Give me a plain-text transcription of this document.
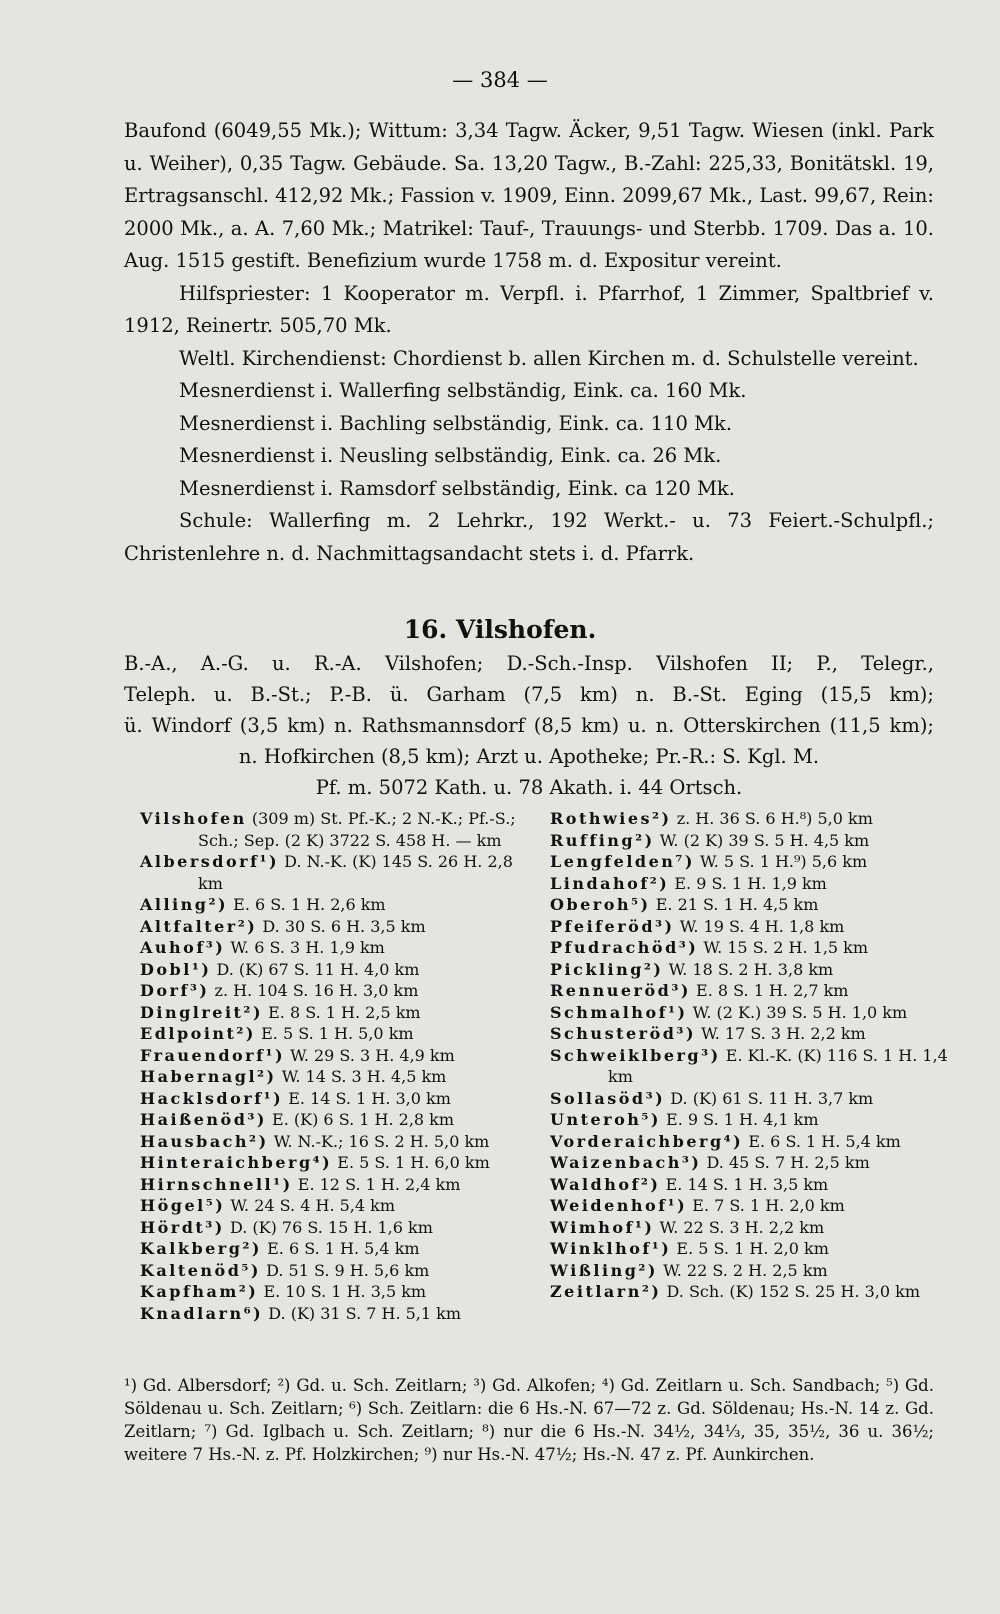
— 384 —

Baufond (6049,55 Mk.); Wittum: 3,34 Tagw. Äcker, 9,51 Tagw. Wiesen (inkl. Park u. Weiher), 0,35 Tagw. Gebäude. Sa. 13,20 Tagw., B.-Zahl: 225,33, Bonitätskl. 19, Ertragsanschl. 412,92 Mk.; Fassion v. 1909, Einn. 2099,67 Mk., Last. 99,67, Rein: 2000 Mk., a. A. 7,60 Mk.; Matrikel: Tauf-, Trauungs- und Sterbb. 1709. Das a. 10. Aug. 1515 gestift. Benefizium wurde 1758 m. d. Expositur vereint.

Hilfspriester: 1 Kooperator m. Verpfl. i. Pfarrhof, 1 Zimmer, Spaltbrief v. 1912, Reinertr. 505,70 Mk.

Weltl. Kirchendienst: Chordienst b. allen Kirchen m. d. Schulstelle vereint.

Mesnerdienst i. Wallerfing selbständig, Eink. ca. 160 Mk.

Mesnerdienst i. Bachling selbständig, Eink. ca. 110 Mk.

Mesnerdienst i. Neusling selbständig, Eink. ca. 26 Mk.

Mesnerdienst i. Ramsdorf selbständig, Eink. ca 120 Mk.

Schule: Wallerfing m. 2 Lehrkr., 192 Werkt.- u. 73 Feiert.-Schulpfl.; Christenlehre n. d. Nachmittagsandacht stets i. d. Pfarrk.

16. Vilshofen.
B.-A., A.-G. u. R.-A. Vilshofen; D.-Sch.-Insp. Vilshofen II; P., Telegr.,
Teleph. u. B.-St.; P.-B. ü. Garham (7,5 km) n. B.-St. Eging (15,5 km);
ü. Windorf (3,5 km) n. Rathsmannsdorf (8,5 km) u. n. Otterskirchen (11,5 km);
n. Hofkirchen (8,5 km); Arzt u. Apotheke; Pr.-R.: S. Kgl. M.
Pf. m. 5072 Kath. u. 78 Akath. i. 44 Ortsch.
Vilshofen (309 m) St. Pf.-K.; 2 N.-K.; Pf.-S.; Sch.; Sep. (2 K) 3722 S. 458 H. — km
Albersdorf¹) D. N.-K. (K) 145 S. 26 H. 2,8 km
Alling²) E. 6 S. 1 H. 2,6 km
Altfalter²) D. 30 S. 6 H. 3,5 km
Auhof³) W. 6 S. 3 H. 1,9 km
Dobl¹) D. (K) 67 S. 11 H. 4,0 km
Dorf³) z. H. 104 S. 16 H. 3,0 km
Dinglreit²) E. 8 S. 1 H. 2,5 km
Edlpoint²) E. 5 S. 1 H. 5,0 km
Frauendorf¹) W. 29 S. 3 H. 4,9 km
Habernagl²) W. 14 S. 3 H. 4,5 km
Hacklsdorf¹) E. 14 S. 1 H. 3,0 km
Haißenöd³) E. (K) 6 S. 1 H. 2,8 km
Hausbach²) W. N.-K.; 16 S. 2 H. 5,0 km
Hinteraichberg⁴) E. 5 S. 1 H. 6,0 km
Hirnschnell¹) E. 12 S. 1 H. 2,4 km
Högel⁵) W. 24 S. 4 H. 5,4 km
Hördt³) D. (K) 76 S. 15 H. 1,6 km
Kalkberg²) E. 6 S. 1 H. 5,4 km
Kaltenöd⁵) D. 51 S. 9 H. 5,6 km
Kapfham²) E. 10 S. 1 H. 3,5 km
Knadlarn⁶) D. (K) 31 S. 7 H. 5,1 km
Rothwies²) z. H. 36 S. 6 H.⁸) 5,0 km
Ruffing²) W. (2 K) 39 S. 5 H. 4,5 km
Lengfelden⁷) W. 5 S. 1 H.⁹) 5,6 km
Lindahof²) E. 9 S. 1 H. 1,9 km
Oberoh⁵) E. 21 S. 1 H. 4,5 km
Pfeiferöd³) W. 19 S. 4 H. 1,8 km
Pfudrachöd³) W. 15 S. 2 H. 1,5 km
Pickling²) W. 18 S. 2 H. 3,8 km
Rennueröd³) E. 8 S. 1 H. 2,7 km
Schmalhof¹) W. (2 K.) 39 S. 5 H. 1,0 km
Schusteröd³) W. 17 S. 3 H. 2,2 km
Schweiklberg³) E. Kl.-K. (K) 116 S. 1 H. 1,4 km
Sollasöd³) D. (K) 61 S. 11 H. 3,7 km
Unteroh⁵) E. 9 S. 1 H. 4,1 km
Vorderaichberg⁴) E. 6 S. 1 H. 5,4 km
Waizenbach³) D. 45 S. 7 H. 2,5 km
Waldhof²) E. 14 S. 1 H. 3,5 km
Weidenhof¹) E. 7 S. 1 H. 2,0 km
Wimhof¹) W. 22 S. 3 H. 2,2 km
Winklhof¹) E. 5 S. 1 H. 2,0 km
Wißling²) W. 22 S. 2 H. 2,5 km
Zeitlarn²) D. Sch. (K) 152 S. 25 H. 3,0 km
¹) Gd. Albersdorf; ²) Gd. u. Sch. Zeitlarn; ³) Gd. Alkofen; ⁴) Gd. Zeitlarn u. Sch. Sandbach; ⁵) Gd. Söldenau u. Sch. Zeitlarn; ⁶) Sch. Zeitlarn: die 6 Hs.-N. 67—72 z. Gd. Söldenau; Hs.-N. 14 z. Gd. Zeitlarn; ⁷) Gd. Iglbach u. Sch. Zeitlarn; ⁸) nur die 6 Hs.-N. 34½, 34⅓, 35, 35½, 36 u. 36½; weitere 7 Hs.-N. z. Pf. Holzkirchen; ⁹) nur Hs.-N. 47½; Hs.-N. 47 z. Pf. Aunkirchen.
